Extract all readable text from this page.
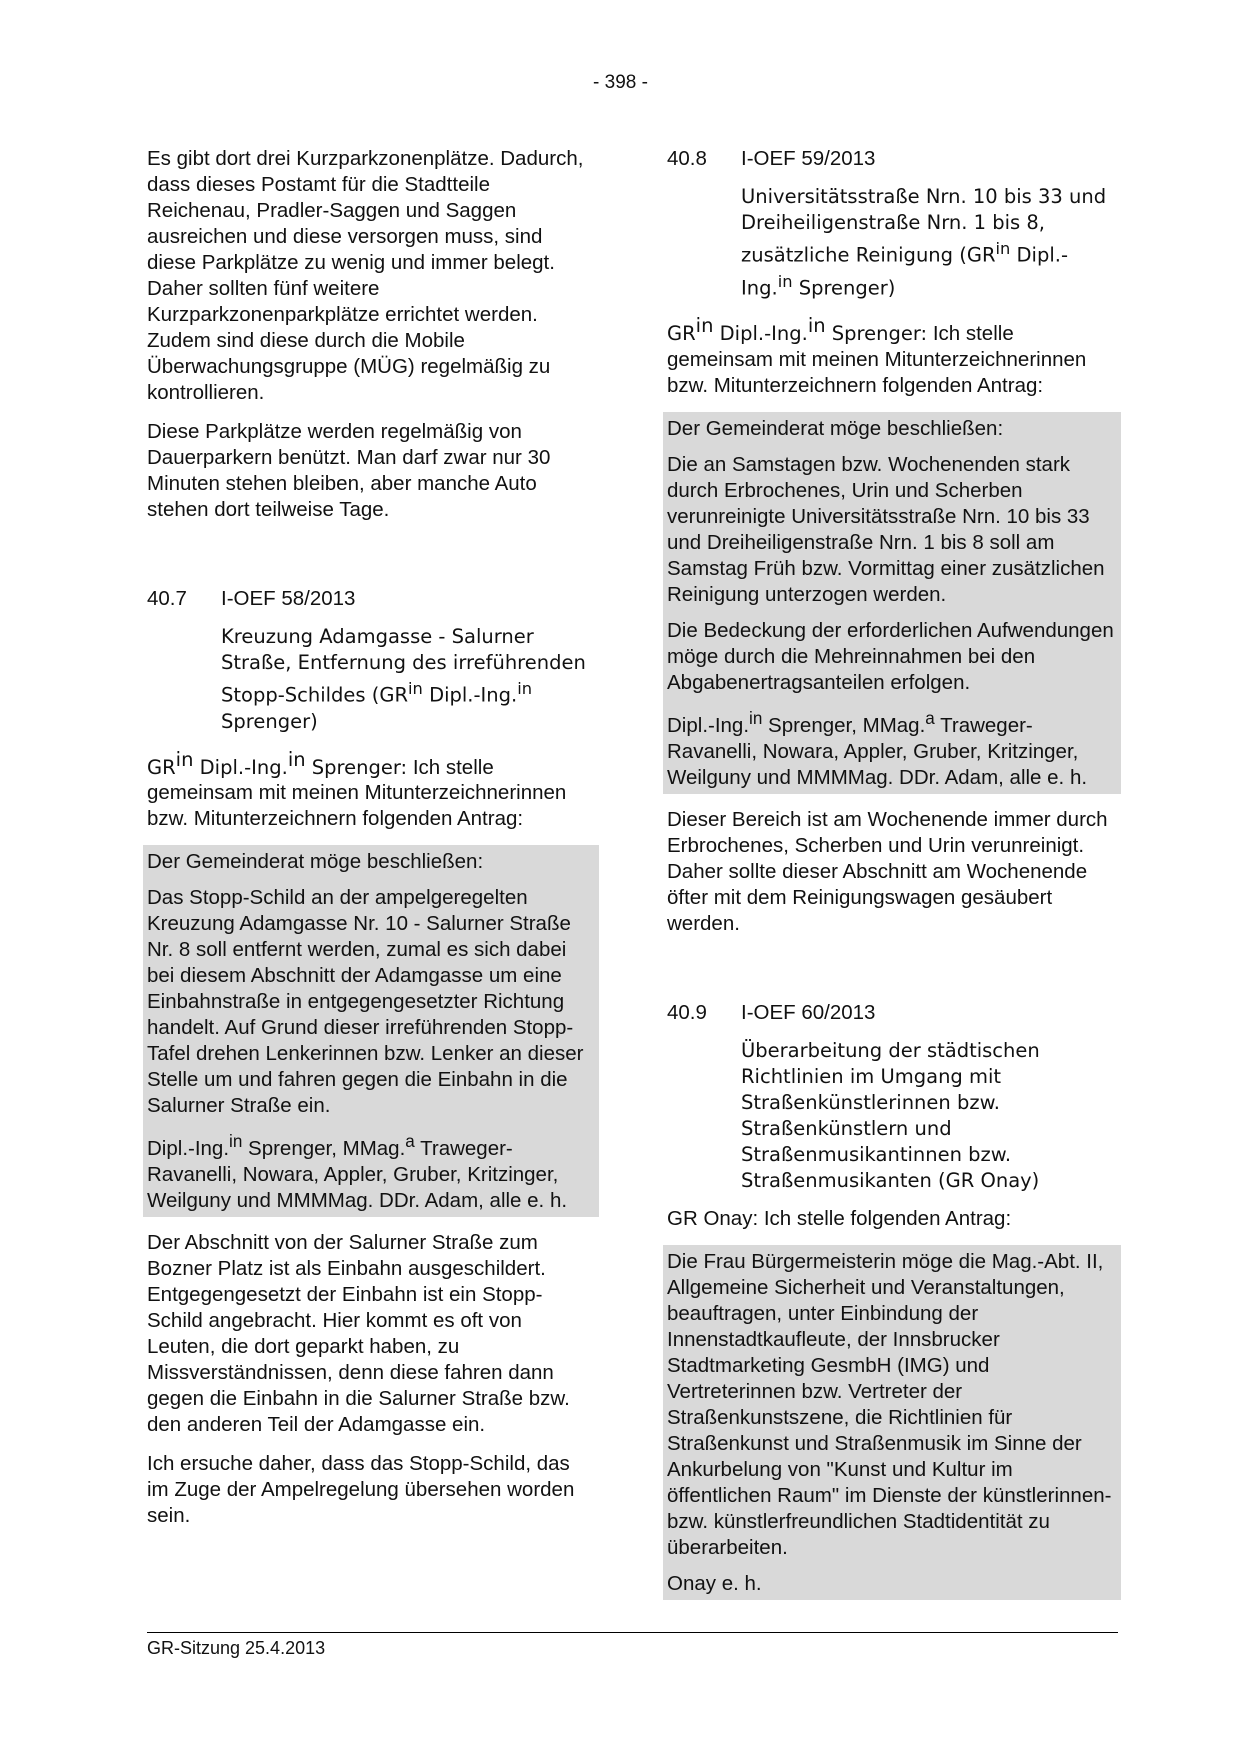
- 398 -

Es gibt dort drei Kurzparkzonenplätze. Dadurch, dass dieses Postamt für die Stadtteile Reichenau, Pradler-Saggen und Saggen ausreichen und diese versorgen muss, sind diese Parkplätze zu wenig und immer belegt. Daher sollten fünf weitere Kurzparkzonenparkplätze errichtet werden. Zudem sind diese durch die Mobile Überwachungsgruppe (MÜG) regelmäßig zu kontrollieren.

Diese Parkplätze werden regelmäßig von Dauerparkern benützt. Man darf zwar nur 30 Minuten stehen bleiben, aber manche Auto stehen dort teilweise Tage.

40.7	I-OEF 58/2013
Kreuzung Adamgasse - Salurner Straße, Entfernung des irreführenden Stopp-Schildes ($GR^{in}$ Dipl.-Ing.$^{in}$ Sprenger)

$GR^{in}$ Dipl.-Ing.$^{in}$ Sprenger: Ich stelle gemeinsam mit meinen Mitunterzeichnerinnen bzw. Mitunterzeichnern folgenden Antrag:

Der Gemeinderat möge beschließen:

Das Stopp-Schild an der ampelgeregelten Kreuzung Adamgasse Nr. 10 - Salurner Straße Nr. 8 soll entfernt werden, zumal es sich dabei bei diesem Abschnitt der Adamgasse um eine Einbahnstraße in entgegengesetzter Richtung handelt. Auf Grund dieser irreführenden Stopp-Tafel drehen Lenkerinnen bzw. Lenker an dieser Stelle um und fahren gegen die Einbahn in die Salurner Straße ein.

Dipl.-Ing.$^{in}$ Sprenger, MMag.$^a$ Traweger-Ravanelli, Nowara, Appler, Gruber, Kritzinger, Weilguny und MMMMag. DDr. Adam, alle e. h.

Der Abschnitt von der Salurner Straße zum Bozner Platz ist als Einbahn ausgeschildert. Entgegengesetzt der Einbahn ist ein Stopp-Schild angebracht. Hier kommt es oft von Leuten, die dort geparkt haben, zu Missverständnissen, denn diese fahren dann gegen die Einbahn in die Salurner Straße bzw. den anderen Teil der Adamgasse ein.

Ich ersuche daher, dass das Stopp-Schild, das im Zuge der Ampelregelung übersehen worden sein.

40.8	I-OEF 59/2013
Universitätsstraße Nrn. 10 bis 33 und Dreiheiligenstraße Nrn. 1 bis 8, zusätzliche Reinigung ($GR^{in}$ Dipl.-Ing.$^{in}$ Sprenger)

$GR^{in}$ Dipl.-Ing.$^{in}$ Sprenger: Ich stelle gemeinsam mit meinen Mitunterzeichnerinnen bzw. Mitunterzeichnern folgenden Antrag:

Der Gemeinderat möge beschließen:

Die an Samstagen bzw. Wochenenden stark durch Erbrochenes, Urin und Scherben verunreinigte Universitätsstraße Nrn. 10 bis 33 und Dreiheiligenstraße Nrn. 1 bis 8 soll am Samstag Früh bzw. Vormittag einer zusätzlichen Reinigung unterzogen werden.

Die Bedeckung der erforderlichen Aufwendungen möge durch die Mehreinnahmen bei den Abgabenertragsanteilen erfolgen.

Dipl.-Ing.$^{in}$ Sprenger, MMag.$^a$ Traweger-Ravanelli, Nowara, Appler, Gruber, Kritzinger, Weilguny und MMMMag. DDr. Adam, alle e. h.

Dieser Bereich ist am Wochenende immer durch Erbrochenes, Scherben und Urin verunreinigt. Daher sollte dieser Abschnitt am Wochenende öfter mit dem Reinigungswagen gesäubert werden.

40.9	I-OEF 60/2013
Überarbeitung der städtischen Richtlinien im Umgang mit Straßenkünstlerinnen bzw. Straßenkünstlern und Straßenmusikantinnen bzw. Straßenmusikanten (GR Onay)

GR Onay: Ich stelle folgenden Antrag:

Die Frau Bürgermeisterin möge die Mag.-Abt. II, Allgemeine Sicherheit und Veranstaltungen, beauftragen, unter Einbindung der Innenstadtkaufleute, der Innsbrucker Stadtmarketing GesmbH (IMG) und Vertreterinnen bzw. Vertreter der Straßenkunstszene, die Richtlinien für Straßenkunst und Straßenmusik im Sinne der Ankurbelung von "Kunst und Kultur im öffentlichen Raum" im Dienste der künstlerinnen- bzw. künstlerfreundlichen Stadtidentität zu überarbeiten.

Onay e. h.

GR-Sitzung 25.4.2013
